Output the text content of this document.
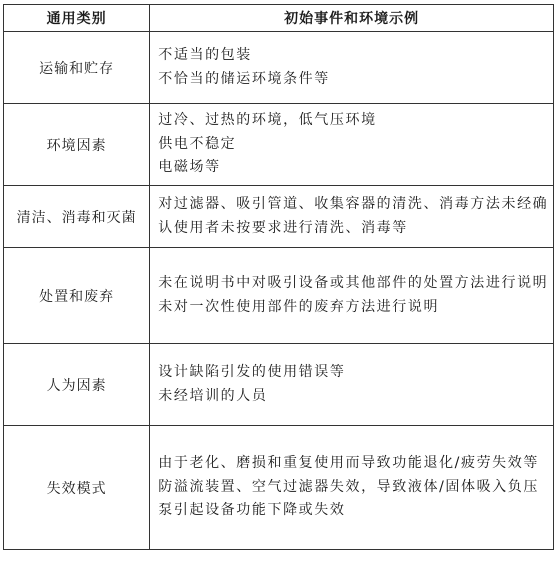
通用类别	初始事件和环境示例
运输和贮存	不适当的包装
不恰当的储运环境条件等

环境因素	过冷、过热的环境，低气压环境
供电不稳定
电磁场等

清洁、消毒和灭菌	对过滤器、吸引管道、收集容器的清洗、消毒方法未经确认使用者未按要求进行清洗、消毒等

处置和废弃	未在说明书中对吸引设备或其他部件的处置方法进行说明
未对一次性使用部件的废弃方法进行说明

人为因素	设计缺陷引发的使用错误等
未经培训的人员

失效模式	由于老化、磨损和重复使用而导致功能退化/疲劳失效等
防溢流装置、空气过滤器失效，导致液体/固体吸入负压泵引起设备功能下降或失效
